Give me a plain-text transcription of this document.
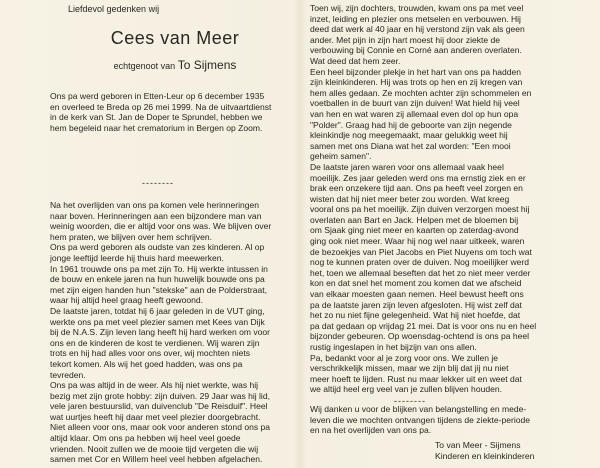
Liefdevol gedenken wij
Cees van Meer
echtgenoot van To Sijmens

Ons pa werd geboren in Etten-Leur op 6 december 1935
en overleed te Breda op 26 mei 1999. Na de uitvaartdienst
in de kerk van St. Jan de Doper te Sprundel, hebben we
hem begeleid naar het crematorium in Bergen op Zoom.

--------

Na het overlijden van ons pa komen vele herinneringen
naar boven. Herinneringen aan een bijzondere man van
weinig woorden, die er altijd voor ons was. We blijven over
hem praten, we blijven over hem schrijven.
Ons pa werd geboren als oudste van zes kinderen. Al op
jonge leeftijd leerde hij thuis hard meewerken.
In 1961 trouwde ons pa met zijn To. Hij werkte intussen in
de bouw en enkele jaren na hun huwelijk bouwde ons pa
met zijn eigen handen hun "stekske" aan de Polderstraat,
waar hij altijd heel graag heeft gewoond.
De laatste jaren, totdat hij 6 jaar geleden in de VUT ging,
werkte ons pa met veel plezier samen met Kees van Dijk
bij de N.A.S. Zijn leven lang heeft hij hard werken om voor
ons en de kinderen de kost te verdienen. Wij waren zijn
trots en hij had alles voor ons over, wij mochten niets
tekort komen. Als wij het goed hadden, was ons pa
tevreden.
Ons pa was altijd in de weer. Als hij niet werkte, was hij
bezig met zijn grote hobby: zijn duiven. 29 Jaar was hij lid,
vele jaren bestuurslid, van duivenclub "De Reisduif". Heel
wat uurtjes heeft hij daar met veel plezier doorgebracht.
Niet alleen voor ons, maar ook voor anderen stond ons pa
altijd klaar. Om ons pa hebben wij heel veel goede
vrienden. Nooit zullen we de mooie tijd vergeten die wij
samen met Cor en Willem heel veel hebben afgelachen.

Toen wij, zijn dochters, trouwden, kwam ons pa met veel
inzet, leiding en plezier ons metselen en verbouwen. Hij
deed dat werk al 40 jaar en hij verstond zijn vak als geen
ander. Met pijn in zijn hart moest hij door ziekte de
verbouwing bij Connie en Corné aan anderen overlaten.
Wat deed dat hem zeer.
Een heel bijzonder plekje in het hart van ons pa hadden
zijn kleinkinderen. Hij was trots op hen en zij kregen van
hem alles gedaan. Ze mochten achter zijn schommelen en
voetballen in de buurt van zijn duiven! Wat hield hij veel
van hen en wat waren zij allemaal even dol op hun opa
"Polder". Graag had hij de geboorte van zijn negende
kleinkindje nog meegemaakt, maar gelukkig weet hij
samen met ons Diana wat het zal worden: "Een mooi
geheim samen".
De laatste jaren waren voor ons allemaal vaak heel
moeilijk. Zes jaar geleden werd ons ma ernstig ziek en er
brak een onzekere tijd aan. Ons pa heeft veel zorgen en
wisten dat hij niet meer beter zou worden. Wat kreeg
vooral ons pa het moeilijk. Zijn duiven verzorgen moest hij
overlaten aan Bart en Jack. Helpen met de bloemen bij
om Sjaak ging niet meer en kaarten op zaterdag-avond
ging ook niet meer. Waar hij nog wel naar uitkeek, waren
de bezoekjes van Piet Jacobs en Piet Nuyens om toch wat
nog te kunnen praten over de duiven. Nog moeilijker werd
het, toen we allemaal beseften dat het zo niet meer verder
kon en dat snel het moment zou komen dat we afscheid
van elkaar moesten gaan nemen. Heel bewust heeft ons
pa de laatste jaren zijn leven afgesloten. Hij wist zelf dat
het zo nu niet fijne gelegenheid. Wat hij niet hoefde, dat
pa dat gedaan op vrijdag 21 mei. Dat is voor ons nu en heel
bijzonder gebeuren. Op woensdag-ochtend is ons pa heel
rustig ingeslapen in het bijzijn van ons allen.
Pa, bedankt voor al je zorg voor ons. We zullen je
verschrikkelijk missen, maar we zijn blij dat jij nu niet
meer hoeft te lijden. Rust nu maar lekker uit en weet dat
we altijd heel erg veel van je zullen blijven houden.

--------

Wij danken u voor de blijken van belangstelling en mede-
leven die we mochten ontvangen tijdens de ziekte-periode
en na het overlijden van ons pa.

To van Meer - Sijmens
Kinderen en kleinkinderen
